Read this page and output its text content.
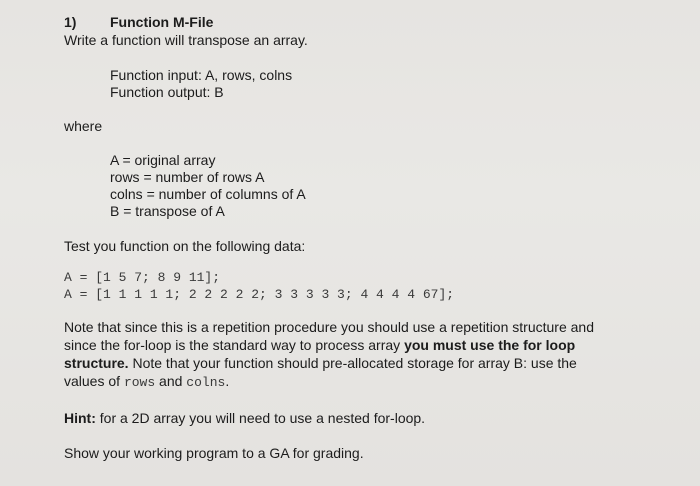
1) Function M-File
Write a function will transpose an array.
Function input: A, rows, colns
Function output: B
where
A = original array
rows = number of rows A
colns = number of columns of A
B = transpose of A
Test you function on the following data:
A = [1 5 7; 8 9 11];
A = [1 1 1 1 1; 2 2 2 2 2; 3 3 3 3 3; 4 4 4 4 67];
Note that since this is a repetition procedure you should use a repetition structure and
since the for-loop is the standard way to process array you must use the for loop
structure. Note that your function should pre-allocated storage for array B: use the
values of rows and colns.
Hint: for a 2D array you will need to use a nested for-loop.
Show your working program to a GA for grading.
